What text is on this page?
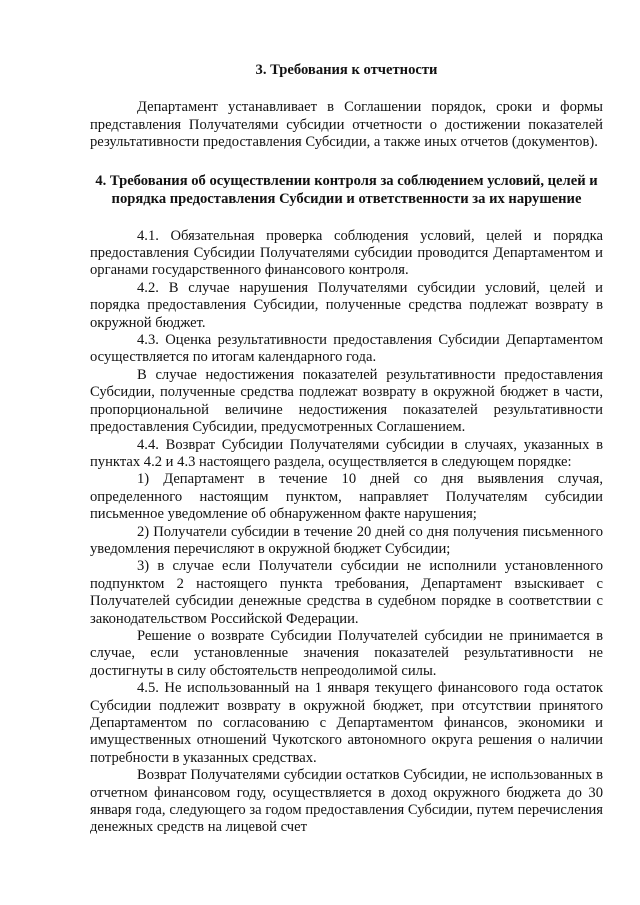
3. Требования к отчетности

Департамент устанавливает в Соглашении порядок, сроки и формы представления Получателями субсидии отчетности о достижении показателей результативности предоставления Субсидии, а также иных отчетов (документов).

4. Требования об осуществлении контроля за соблюдением условий, целей и порядка предоставления Субсидии и ответственности за их нарушение

4.1. Обязательная проверка соблюдения условий, целей и порядка предоставления Субсидии Получателями субсидии проводится Департаментом и органами государственного финансового контроля.

4.2. В случае нарушения Получателями субсидии условий, целей и порядка предоставления Субсидии, полученные средства подлежат возврату в окружной бюджет.

4.3. Оценка результативности предоставления Субсидии Департаментом осуществляется по итогам календарного года.

В случае недостижения показателей результативности предоставления Субсидии, полученные средства подлежат возврату в окружной бюджет в части, пропорциональной величине недостижения показателей результативности предоставления Субсидии, предусмотренных Соглашением.

4.4. Возврат Субсидии Получателями субсидии в случаях, указанных в пунктах 4.2 и 4.3 настоящего раздела, осуществляется в следующем порядке:

1) Департамент в течение 10 дней со дня выявления случая, определенного настоящим пунктом, направляет Получателям субсидии письменное уведомление об обнаруженном факте нарушения;

2) Получатели субсидии в течение 20 дней со дня получения письменного уведомления перечисляют в окружной бюджет Субсидии;

3) в случае если Получатели субсидии не исполнили установленного подпунктом 2 настоящего пункта требования, Департамент взыскивает с Получателей субсидии денежные средства в судебном порядке в соответствии с законодательством Российской Федерации.

Решение о возврате Субсидии Получателей субсидии не принимается в случае, если установленные значения показателей результативности не достигнуты в силу обстоятельств непреодолимой силы.

4.5. Не использованный на 1 января текущего финансового года остаток Субсидии подлежит возврату в окружной бюджет, при отсутствии принятого Департаментом по согласованию с Департаментом финансов, экономики и имущественных отношений Чукотского автономного округа решения о наличии потребности в указанных средствах.

Возврат Получателями субсидии остатков Субсидии, не использованных в отчетном финансовом году, осуществляется в доход окружного бюджета до 30 января года, следующего за годом предоставления Субсидии, путем перечисления денежных средств на лицевой счет
